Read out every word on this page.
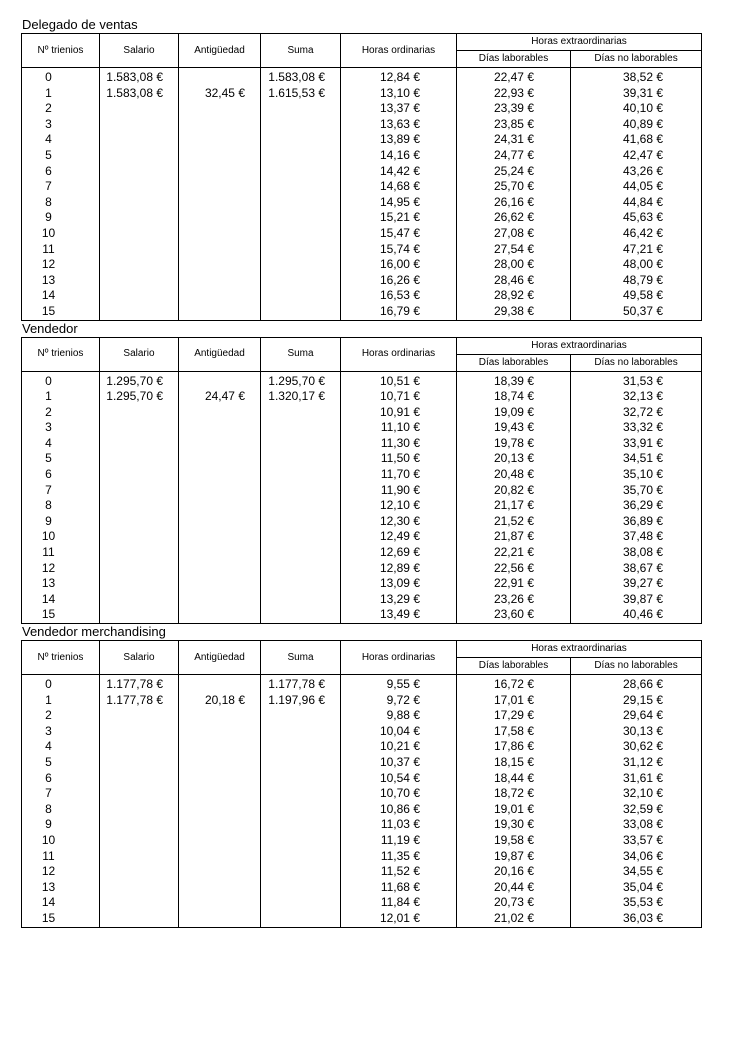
Delegado de ventas
Nº trienios	Salario	Antigüedad	Suma	Horas ordinarias	Horas extraordinarias	
					Días laborables	Días no laborables
0	1.583,08 €		1.583,08 €	12,84 €	22,47 €	38,52 €
1	1.583,08 €	32,45 €	1.615,53 €	13,10 €	22,93 €	39,31 €
2				13,37 €	23,39 €	40,10 €
3				13,63 €	23,85 €	40,89 €
4				13,89 €	24,31 €	41,68 €
5				14,16 €	24,77 €	42,47 €
6				14,42 €	25,24 €	43,26 €
7				14,68 €	25,70 €	44,05 €
8				14,95 €	26,16 €	44,84 €
9				15,21 €	26,62 €	45,63 €
10				15,47 €	27,08 €	46,42 €
11				15,74 €	27,54 €	47,21 €
12				16,00 €	28,00 €	48,00 €
13				16,26 €	28,46 €	48,79 €
14				16,53 €	28,92 €	49,58 €
15				16,79 €	29,38 €	50,37 €
Vendedor
Nº trienios	Salario	Antigüedad	Suma	Horas ordinarias	Horas extraordinarias	
					Días laborables	Días no laborables
0	1.295,70 €		1.295,70 €	10,51 €	18,39 €	31,53 €
1	1.295,70 €	24,47 €	1.320,17 €	10,71 €	18,74 €	32,13 €
2				10,91 €	19,09 €	32,72 €
3				11,10 €	19,43 €	33,32 €
4				11,30 €	19,78 €	33,91 €
5				11,50 €	20,13 €	34,51 €
6				11,70 €	20,48 €	35,10 €
7				11,90 €	20,82 €	35,70 €
8				12,10 €	21,17 €	36,29 €
9				12,30 €	21,52 €	36,89 €
10				12,49 €	21,87 €	37,48 €
11				12,69 €	22,21 €	38,08 €
12				12,89 €	22,56 €	38,67 €
13				13,09 €	22,91 €	39,27 €
14				13,29 €	23,26 €	39,87 €
15				13,49 €	23,60 €	40,46 €
Vendedor merchandising
Nº trienios	Salario	Antigüedad	Suma	Horas ordinarias	Horas extraordinarias	
					Días laborables	Días no laborables
0	1.177,78 €		1.177,78 €	9,55 €	16,72 €	28,66 €
1	1.177,78 €	20,18 €	1.197,96 €	9,72 €	17,01 €	29,15 €
2				9,88 €	17,29 €	29,64 €
3				10,04 €	17,58 €	30,13 €
4				10,21 €	17,86 €	30,62 €
5				10,37 €	18,15 €	31,12 €
6				10,54 €	18,44 €	31,61 €
7				10,70 €	18,72 €	32,10 €
8				10,86 €	19,01 €	32,59 €
9				11,03 €	19,30 €	33,08 €
10				11,19 €	19,58 €	33,57 €
11				11,35 €	19,87 €	34,06 €
12				11,52 €	20,16 €	34,55 €
13				11,68 €	20,44 €	35,04 €
14				11,84 €	20,73 €	35,53 €
15				12,01 €	21,02 €	36,03 €
